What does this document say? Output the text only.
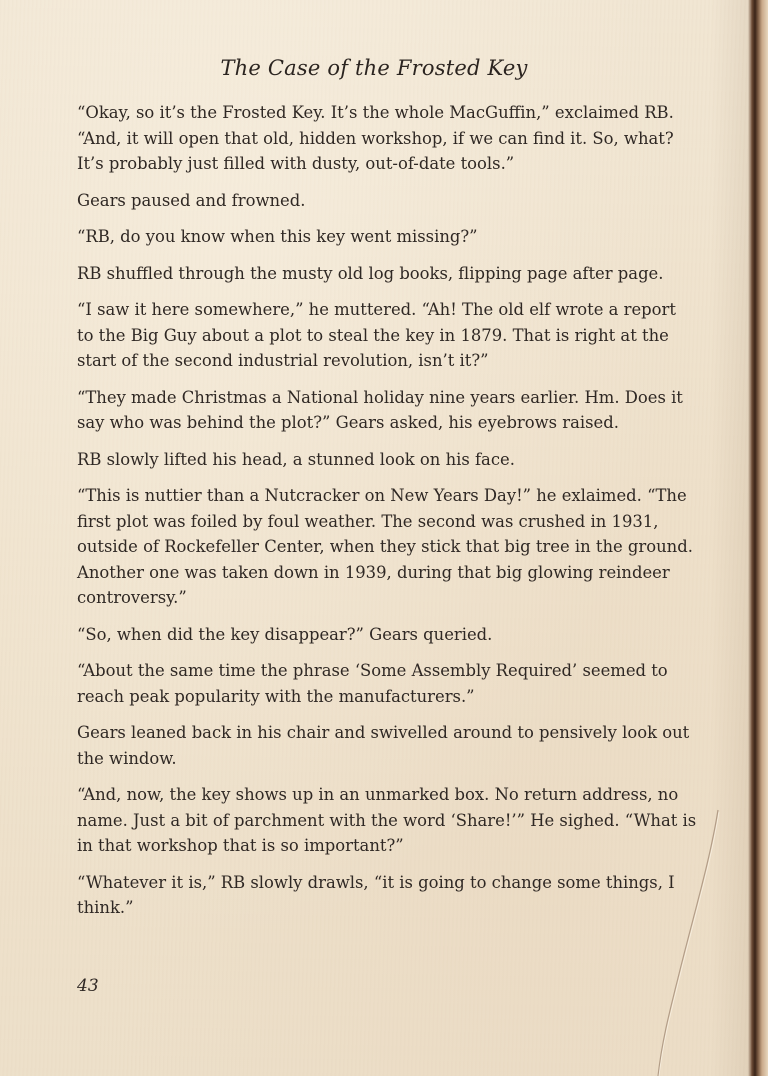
The Case of the Frosted Key

“Okay, so it’s the Frosted Key. It’s the whole MacGuffin,” exclaimed RB. “And, it will open that old, hidden workshop, if we can find it. So, what? It’s probably just filled with dusty, out-of-date tools.”

Gears paused and frowned.

“RB, do you know when this key went missing?”

RB shuffled through the musty old log books, flipping page after page.

“I saw it here somewhere,” he muttered. “Ah! The old elf wrote a report to the Big Guy about a plot to steal the key in 1879. That is right at the start of the second industrial revolution, isn’t it?”

“They made Christmas a National holiday nine years earlier. Hm. Does it say who was behind the plot?” Gears asked, his eyebrows raised.

RB slowly lifted his head, a stunned look on his face.

“This is nuttier than a Nutcracker on New Years Day!” he exlaimed. “The first plot was foiled by foul weather. The second was crushed in 1931, outside of Rockefeller Center, when they stick that big tree in the ground. Another one was taken down in 1939, during that big glowing reindeer controversy.”

“So, when did the key disappear?” Gears queried.

“About the same time the phrase ‘Some Assembly Required’ seemed to reach peak popularity with the manufacturers.”

Gears leaned back in his chair and swivelled around to pensively look out the window.

“And, now, the key shows up in an unmarked box. No return address, no name. Just a bit of parchment with the word ‘Share!’” He sighed. “What is in that workshop that is so important?”

“Whatever it is,” RB slowly drawls, “it is going to change some things, I think.”

43
